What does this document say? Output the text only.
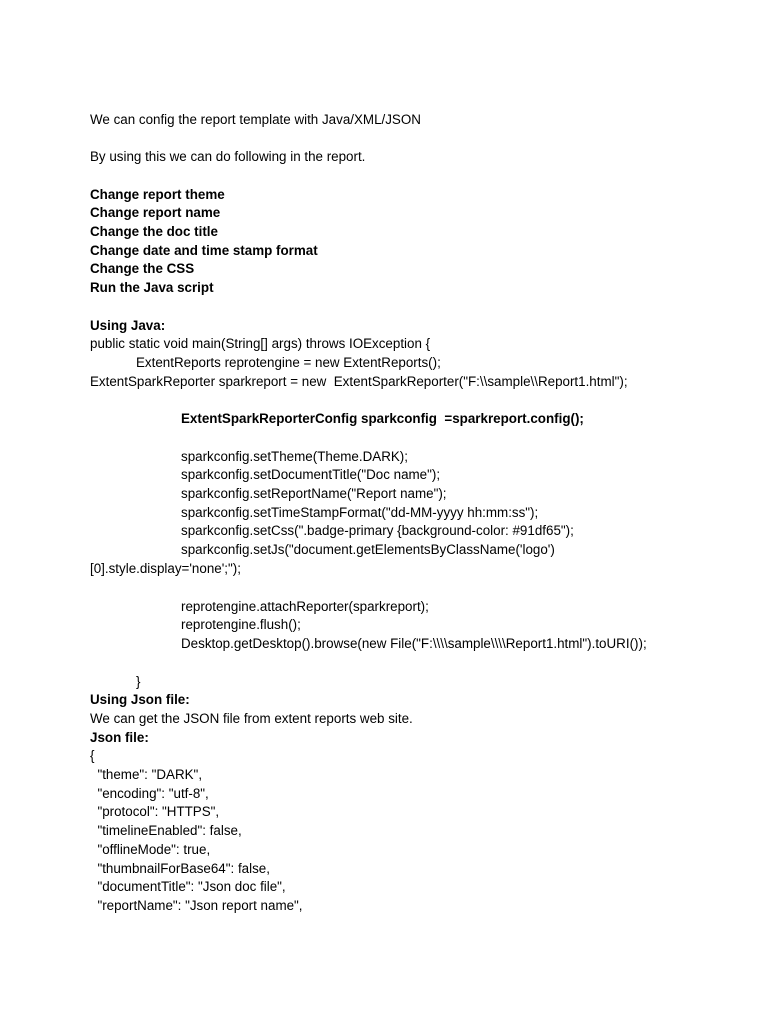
We can config the report template with Java/XML/JSON
By using this we can do following in the report.
Change report theme
Change report name
Change the doc title
Change date and time stamp format
Change the CSS
Run the Java script
Using Java:
public static void main(String[] args) throws IOException {
ExtentReports reprotengine = new ExtentReports();
ExtentSparkReporter sparkreport = new  ExtentSparkReporter("F:\\sample\\Report1.html");
ExtentSparkReporterConfig sparkconfig  =sparkreport.config();
sparkconfig.setTheme(Theme.DARK);
sparkconfig.setDocumentTitle("Doc name");
sparkconfig.setReportName("Report name");
sparkconfig.setTimeStampFormat("dd-MM-yyyy hh:mm:ss");
sparkconfig.setCss(".badge-primary {background-color: #91df65");
sparkconfig.setJs("document.getElementsByClassName('logo')
[0].style.display='none';");
reprotengine.attachReporter(sparkreport);
reprotengine.flush();
Desktop.getDesktop().browse(new File("F:\\\\sample\\\\Report1.html").toURI());
}
Using Json file:
We can get the JSON file from extent reports web site.
Json file:
{
"theme": "DARK",
"encoding": "utf-8",
"protocol": "HTTPS",
"timelineEnabled": false,
"offlineMode": true,
"thumbnailForBase64": false,
"documentTitle": "Json doc file",
"reportName": "Json report name",
